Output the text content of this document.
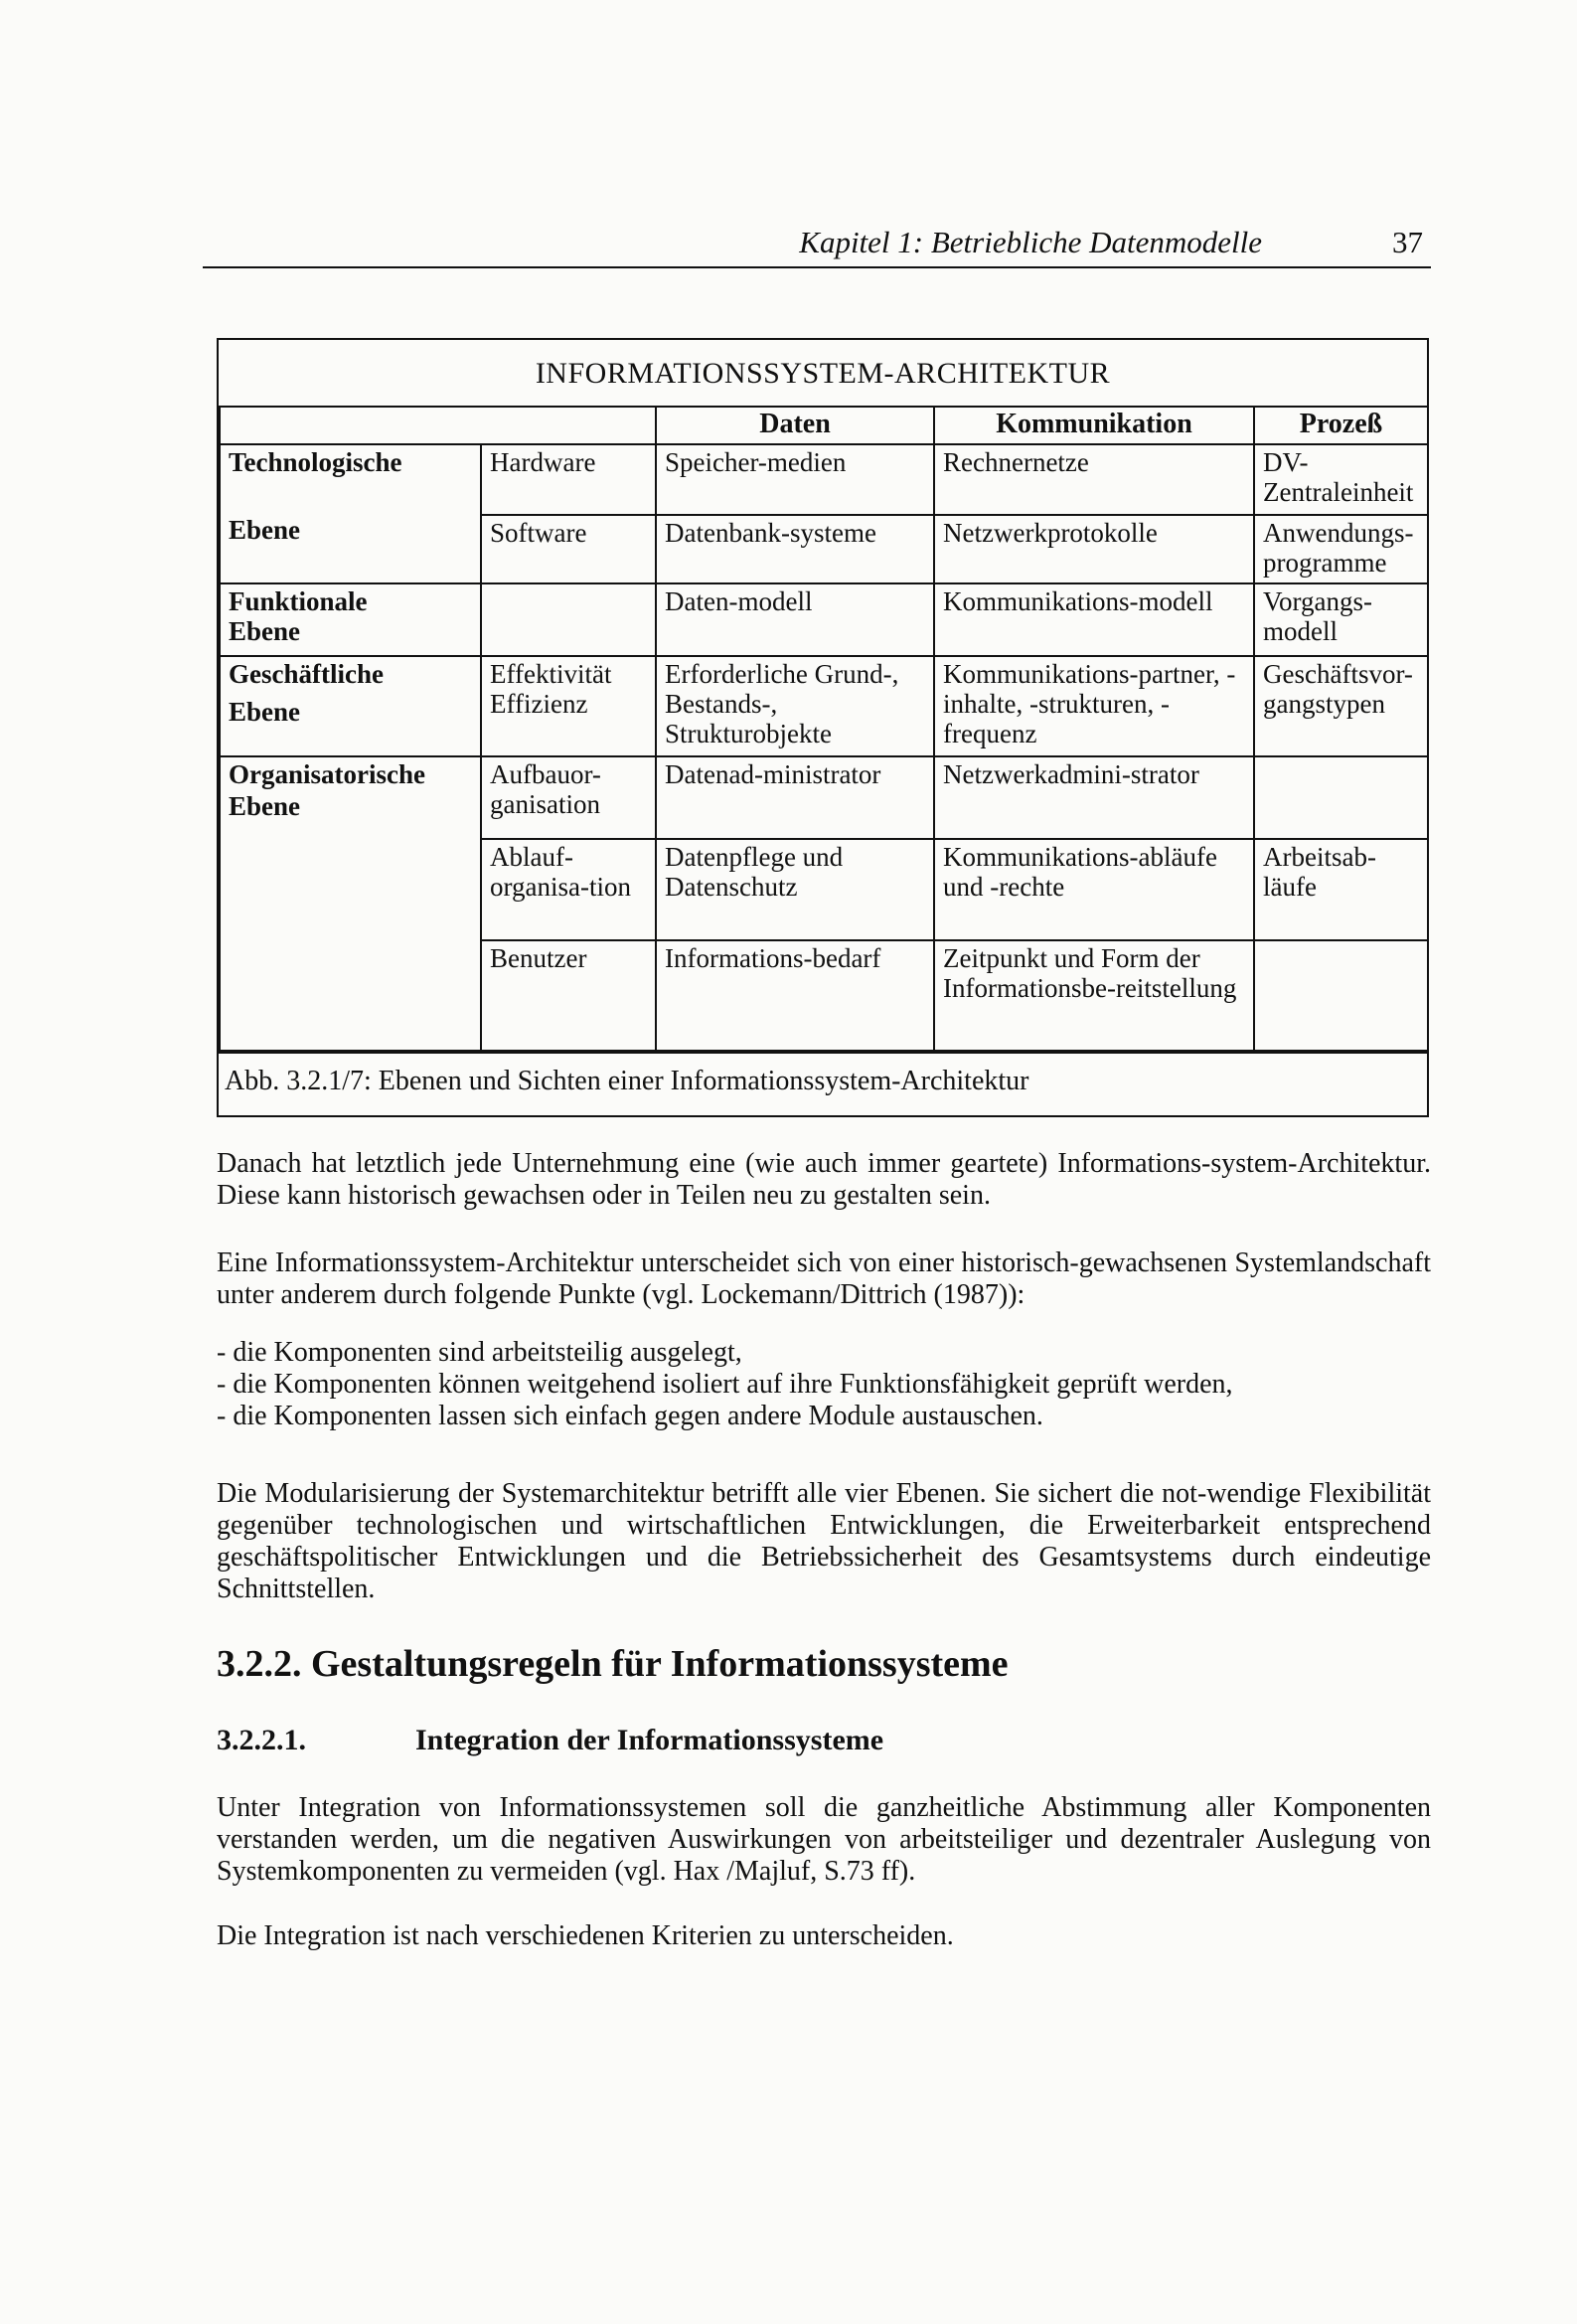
Kapitel 1: Betriebliche Datenmodelle	37
INFORMATIONSSYSTEM-ARCHITEKTUR
		Daten	Kommunikation	Prozeß
Technologische
Ebene	Hardware	Speicher-medien	Rechnernetze	DV-Zentraleinheit
	Software	Datenbank-systeme	Netzwerkprotokolle	Anwendungs-programme
Funktionale
Ebene		Daten-modell	Kommunikations-modell	Vorgangs-modell
Geschäftliche
Ebene	Effektivität Effizienz	Erforderliche Grund-, Bestands-, Strukturobjekte	Kommunikations-partner, -inhalte, -strukturen, -frequenz	Geschäftsvor-gangstypen
Organisatorische
Ebene	Aufbauor-ganisation	Datenad-ministrator	Netzwerkadmini-strator	
	Ablauf-organisa-tion	Datenpflege und Datenschutz	Kommunikations-abläufe und -rechte	Arbeitsab-läufe
	Benutzer	Informations-bedarf	Zeitpunkt und Form der Informationsbe-reitstellung	
Abb. 3.2.1/7: Ebenen und Sichten einer Informationssystem-Architektur

Danach hat letztlich jede Unternehmung eine (wie auch immer geartete) Informations-system-Architektur. Diese kann historisch gewachsen oder in Teilen neu zu gestalten sein.

Eine Informationssystem-Architektur unterscheidet sich von einer historisch-gewachsenen Systemlandschaft unter anderem durch folgende Punkte (vgl. Lockemann/Dittrich (1987)):

- die Komponenten sind arbeitsteilig ausgelegt,
- die Komponenten können weitgehend isoliert auf ihre Funktionsfähigkeit geprüft werden,
- die Komponenten lassen sich einfach gegen andere Module austauschen.

Die Modularisierung der Systemarchitektur betrifft alle vier Ebenen. Sie sichert die not-wendige Flexibilität gegenüber technologischen und wirtschaftlichen Entwicklungen, die Erweiterbarkeit entsprechend geschäftspolitischer Entwicklungen und die Betriebssicherheit des Gesamtsystems durch eindeutige Schnittstellen.

3.2.2. Gestaltungsregeln für Informationssysteme
3.2.2.1.	Integration der Informationssysteme

Unter Integration von Informationssystemen soll die ganzheitliche Abstimmung aller Komponenten verstanden werden, um die negativen Auswirkungen von arbeitsteiliger und dezentraler Auslegung von Systemkomponenten zu vermeiden (vgl. Hax /Majluf, S.73 ff).

Die Integration ist nach verschiedenen Kriterien zu unterscheiden.
